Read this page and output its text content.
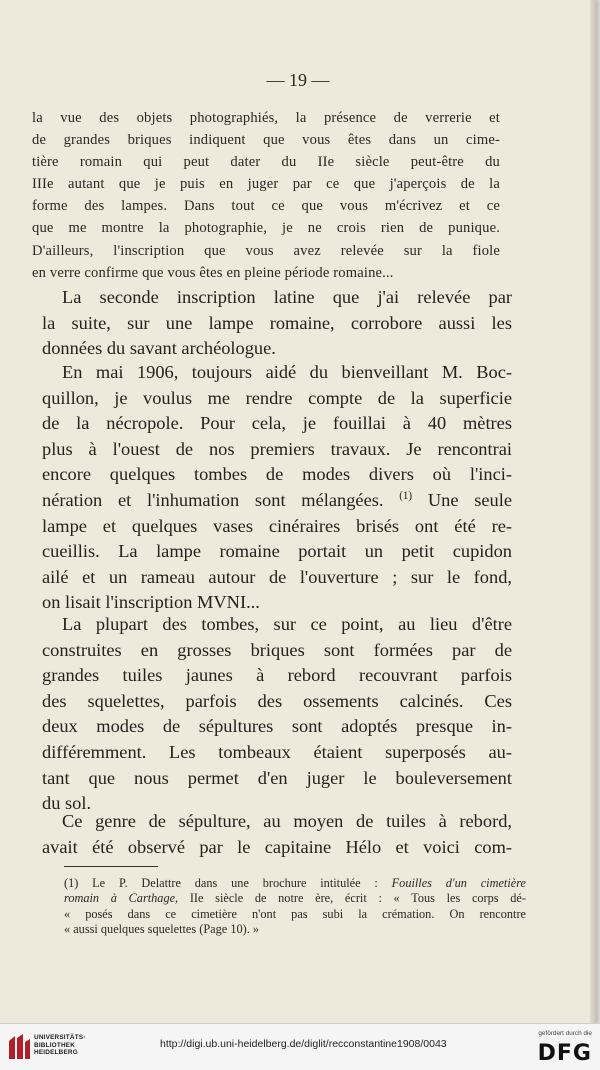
— 19 —
la vue des objets photographiés, la présence de verrerie et
de grandes briques indiquent que vous êtes dans un cime-
tière romain qui peut dater du IIe siècle peut-être du
IIIe autant que je puis en juger par ce que j'aperçois de la
forme des lampes. Dans tout ce que vous m'écrivez et ce
que me montre la photographie, je ne crois rien de punique.
D'ailleurs, l'inscription que vous avez relevée sur la fiole
en verre confirme que vous êtes en pleine période romaine...
La seconde inscription latine que j'ai relevée par
la suite, sur une lampe romaine, corrobore aussi les
données du savant archéologue.
En mai 1906, toujours aidé du bienveillant M. Boc-
quillon, je voulus me rendre compte de la superficie
de la nécropole. Pour cela, je fouillai à 40 mètres
plus à l'ouest de nos premiers travaux. Je rencontrai
encore quelques tombes de modes divers où l'inci-
nération et l'inhumation sont mélangées. $^{(1)}$ Une seule
lampe et quelques vases cinéraires brisés ont été re-
cueillis. La lampe romaine portait un petit cupidon
ailé et un rameau autour de l'ouverture ; sur le fond,
on lisait l'inscription MVNI...
La plupart des tombes, sur ce point, au lieu d'être
construites en grosses briques sont formées par de
grandes tuiles jaunes à rebord recouvrant parfois
des squelettes, parfois des ossements calcinés. Ces
deux modes de sépultures sont adoptés presque in-
différemment. Les tombeaux étaient superposés au-
tant que nous permet d'en juger le bouleversement
du sol.
Ce genre de sépulture, au moyen de tuiles à rebord,
avait été observé par le capitaine Hélo et voici com-
(1) Le P. Delattre dans une brochure intitulée : Fouilles d'un cimetière
romain à Carthage, IIe siècle de notre ère, écrit : « Tous les corps dé-
« posés dans ce cimetière n'ont pas subi la crémation. On rencontre
« aussi quelques squelettes (Page 10). »
UNIVERSITÄTS-
BIBLIOTHEK
HEIDELBERG
http://digi.ub.uni-heidelberg.de/diglit/recconstantine1908/0043
gefördert durch die
DFG
